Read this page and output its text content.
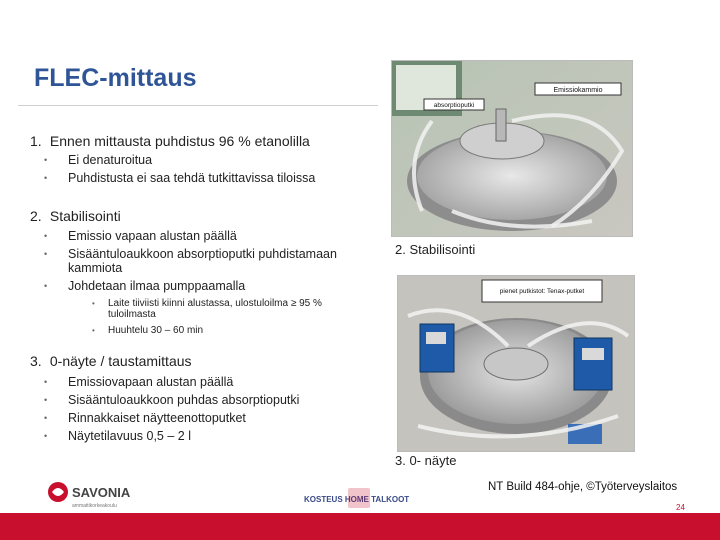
FLEC-mittaus
1. Ennen mittausta puhdistus 96 % etanolilla
• Ei denaturoitua
• Puhdistusta ei saa tehdä tutkittavissa tiloissa
2. Stabilisointi
• Emissio vapaan alustan päällä
• Sisääntuloaukkoon absorptioputki puhdistamaan kammiota
• Johdetaan ilmaa pumppaamalla
• Laite tiiviisti kiinni alustassa, ulostuloilma ≥ 95 % tuloilmasta
• Huuhtelu 30 – 60 min
3. 0-näyte / taustamittaus
• Emissiovapaan alustan päällä
• Sisääntuloaukkoon puhdas absorptioputki
• Rinnakkaiset näytteenottoputket
• Näytetilavuus 0,5 – 2 l
Emissiokammio
absorptioputki
2. Stabilisointi
pienet putkistot: Tenax-putket
3. 0- näyte
SAVONIA
ammattikorkeakoulu
KOSTEUS HOME TALKOOT
NT Build 484-ohje, ©Työterveyslaitos
24
